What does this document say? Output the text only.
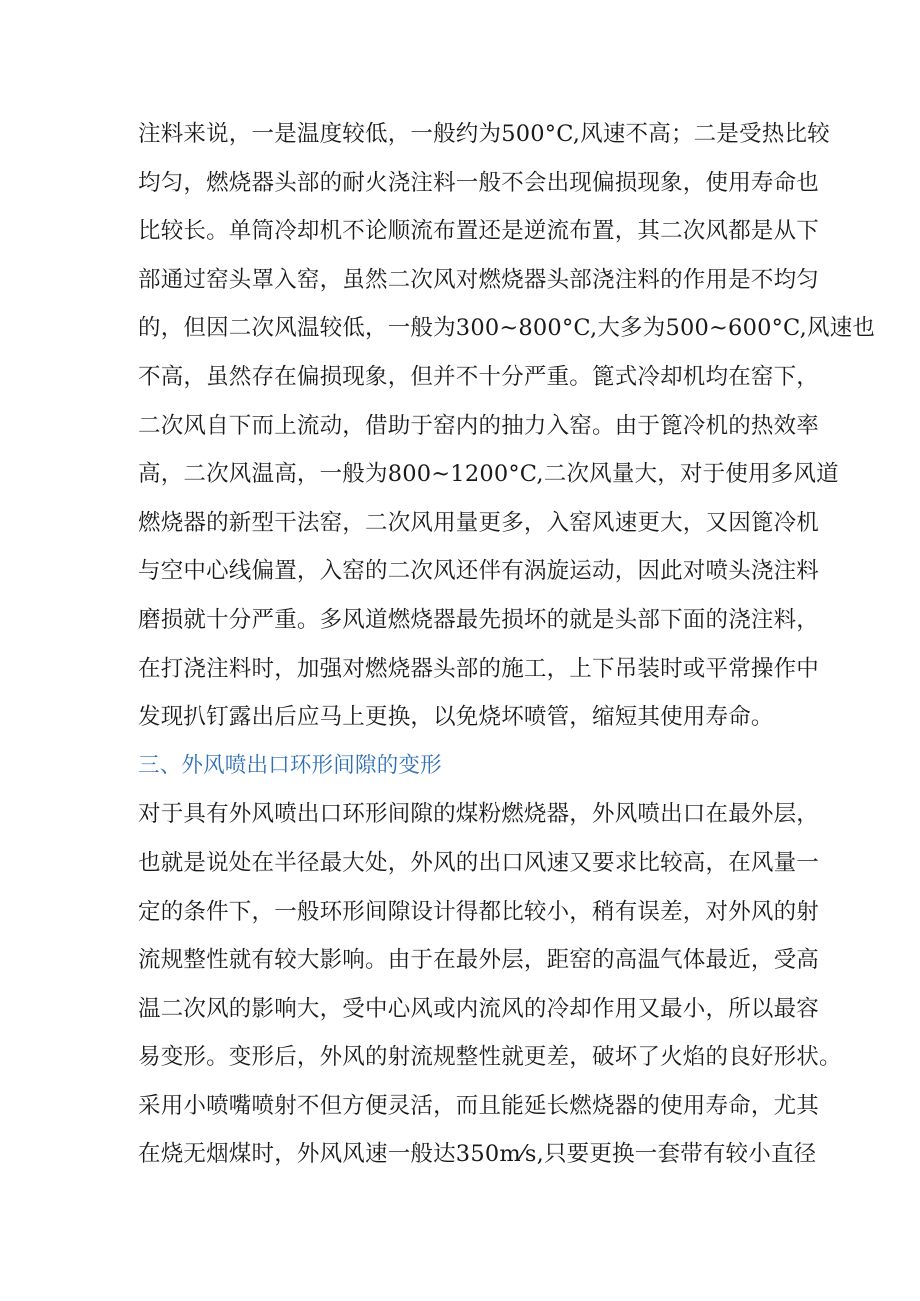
注料来说，一是温度较低，一般约为500°C,风速不高；二是受热比较
均匀，燃烧器头部的耐火浇注料一般不会出现偏损现象，使用寿命也
比较长。单筒冷却机不论顺流布置还是逆流布置，其二次风都是从下
部通过窑头罩入窑，虽然二次风对燃烧器头部浇注料的作用是不均匀
的，但因二次风温较低，一般为300~800°C,大多为500~600°C,风速也
不高，虽然存在偏损现象，但并不十分严重。篦式冷却机均在窑下，
二次风自下而上流动，借助于窑内的抽力入窑。由于篦冷机的热效率
高，二次风温高，一般为800~1200°C,二次风量大，对于使用多风道
燃烧器的新型干法窑，二次风用量更多，入窑风速更大，又因篦冷机
与空中心线偏置，入窑的二次风还伴有涡旋运动，因此对喷头浇注料
磨损就十分严重。多风道燃烧器最先损坏的就是头部下面的浇注料，
在打浇注料时，加强对燃烧器头部的施工，上下吊装时或平常操作中
发现扒钉露出后应马上更换，以免烧坏喷管，缩短其使用寿命。
三、外风喷出口环形间隙的变形
对于具有外风喷出口环形间隙的煤粉燃烧器，外风喷出口在最外层，
也就是说处在半径最大处，外风的出口风速又要求比较高，在风量一
定的条件下，一般环形间隙设计得都比较小，稍有误差，对外风的射
流规整性就有较大影响。由于在最外层，距窑的高温气体最近，受高
温二次风的影响大，受中心风或内流风的冷却作用又最小，所以最容
易变形。变形后，外风的射流规整性就更差，破坏了火焰的良好形状。
采用小喷嘴喷射不但方便灵活，而且能延长燃烧器的使用寿命，尤其
在烧无烟煤时，外风风速一般达350m⁄s,只要更换一套带有较小直径
